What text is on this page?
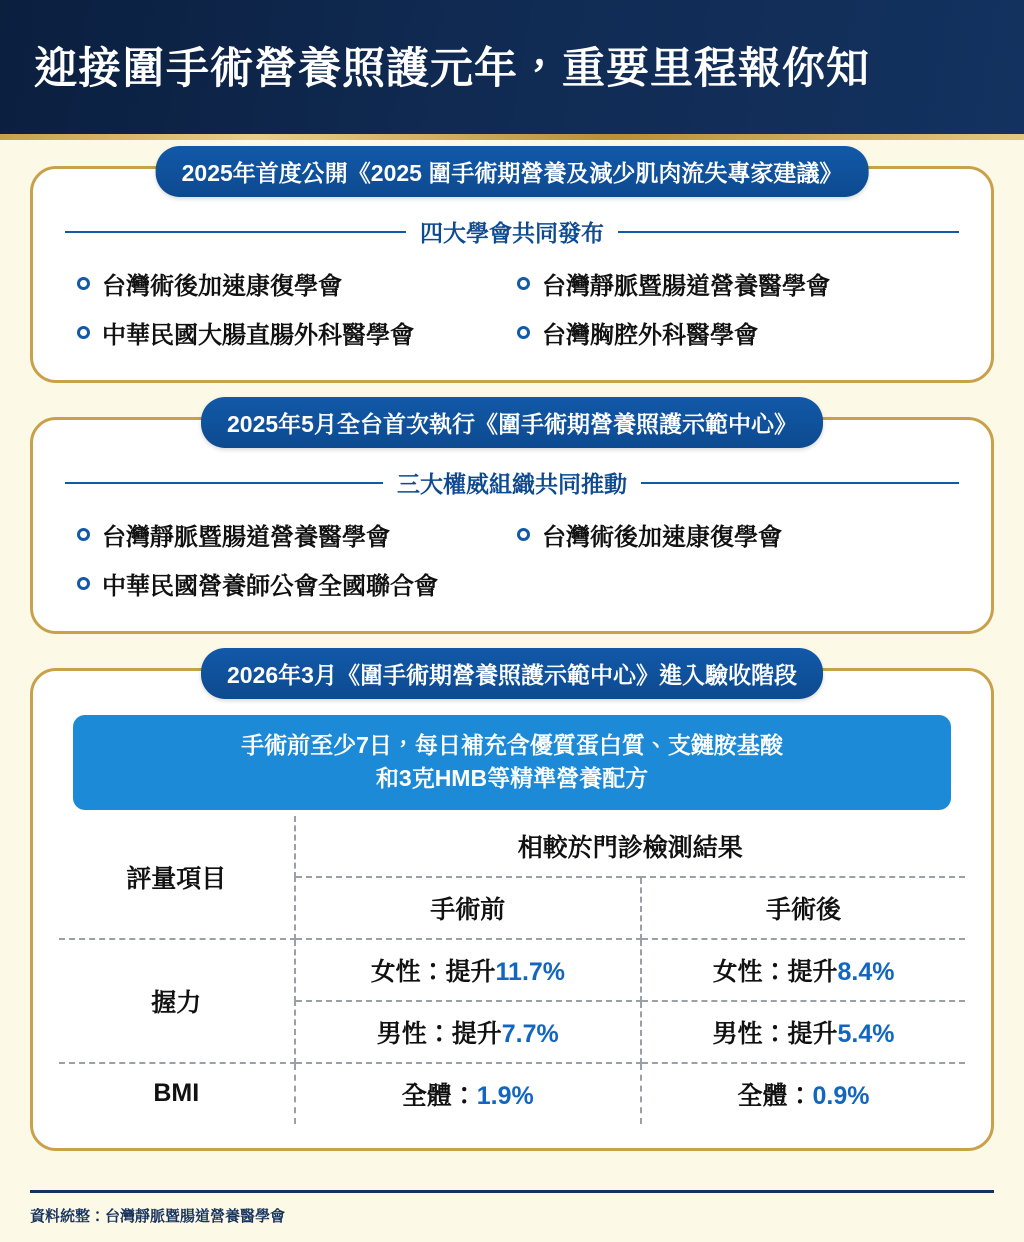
迎接圍手術營養照護元年，重要里程報你知
2025年首度公開《2025 圍手術期營養及減少肌肉流失專家建議》
四大學會共同發布
台灣術後加速康復學會	台灣靜脈暨腸道營養醫學會
中華民國大腸直腸外科醫學會	台灣胸腔外科醫學會
2025年5月全台首次執行《圍手術期營養照護示範中心》
三大權威組織共同推動
台灣靜脈暨腸道營養醫學會	台灣術後加速康復學會
中華民國營養師公會全國聯合會
2026年3月《圍手術期營養照護示範中心》進入驗收階段
手術前至少7日，每日補充含優質蛋白質、支鏈胺基酸
和3克HMB等精準營養配方
評量項目	相較於門診檢測結果	
	手術前	手術後
握力	女性：提升11.7%	女性：提升8.4%
	男性：提升7.7%	男性：提升5.4%
BMI	全體：1.9%	全體：0.9%
資料統整：台灣靜脈暨腸道營養醫學會
